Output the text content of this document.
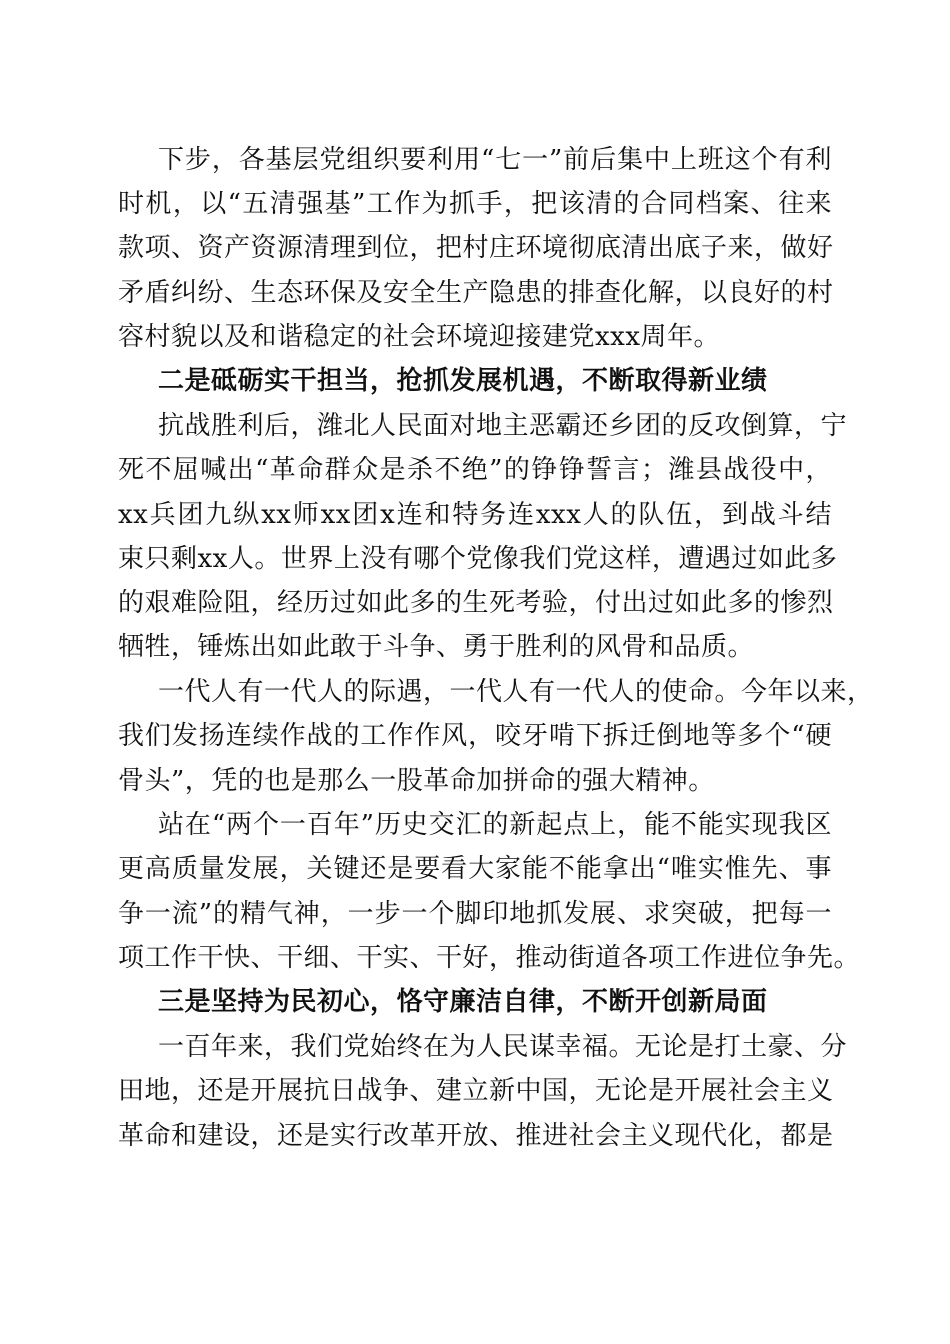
下步，各基层党组织要利用“七一”前后集中上班这个有利
时机，以“五清强基”工作为抓手，把该清的合同档案、往来
款项、资产资源清理到位，把村庄环境彻底清出底子来，做好
矛盾纠纷、生态环保及安全生产隐患的排查化解，以良好的村
容村貌以及和谐稳定的社会环境迎接建党xxx周年。
二是砥砺实干担当，抢抓发展机遇，不断取得新业绩
抗战胜利后，潍北人民面对地主恶霸还乡团的反攻倒算，宁
死不屈喊出“革命群众是杀不绝”的铮铮誓言；潍县战役中，
xx兵团九纵xx师xx团x连和特务连xxx人的队伍，到战斗结
束只剩xx人。世界上没有哪个党像我们党这样，遭遇过如此多
的艰难险阻，经历过如此多的生死考验，付出过如此多的惨烈
牺牲，锤炼出如此敢于斗争、勇于胜利的风骨和品质。
一代人有一代人的际遇，一代人有一代人的使命。今年以来，
我们发扬连续作战的工作作风，咬牙啃下拆迁倒地等多个“硬
骨头”，凭的也是那么一股革命加拼命的强大精神。
站在“两个一百年”历史交汇的新起点上，能不能实现我区
更高质量发展，关键还是要看大家能不能拿出“唯实惟先、事
争一流”的精气神，一步一个脚印地抓发展、求突破，把每一
项工作干快、干细、干实、干好，推动街道各项工作进位争先。
三是坚持为民初心，恪守廉洁自律，不断开创新局面
一百年来，我们党始终在为人民谋幸福。无论是打土豪、分
田地，还是开展抗日战争、建立新中国，无论是开展社会主义
革命和建设，还是实行改革开放、推进社会主义现代化，都是
